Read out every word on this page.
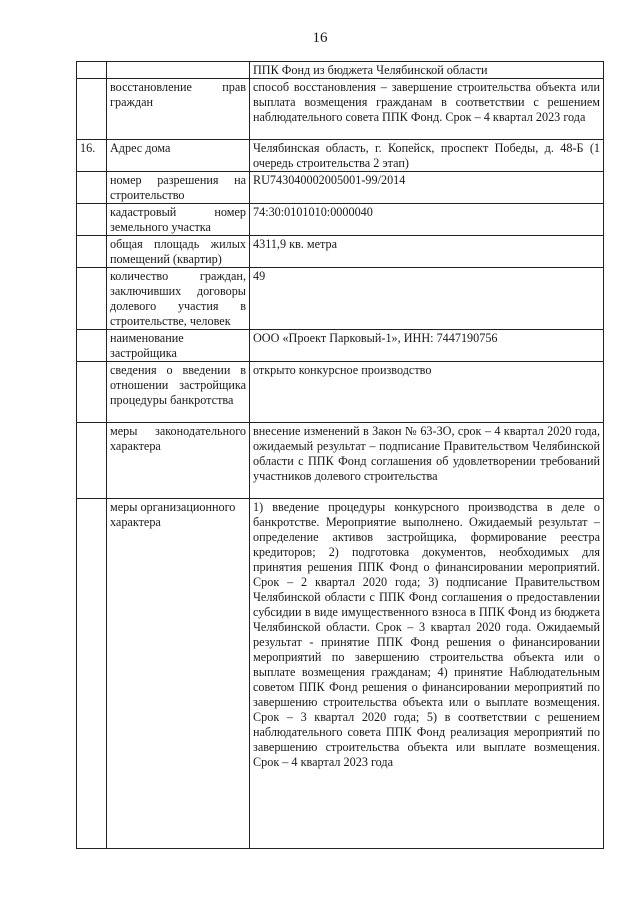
16
		ППК Фонд из бюджета Челябинской области
	восстановление прав граждан	способ восстановления – завершение строительства объекта или выплата возмещения гражданам в соответствии с решением наблюдательного совета ППК Фонд. Срок – 4 квартал 2023 года
16.	Адрес дома	Челябинская область, г. Копейск, проспект Победы, д. 48-Б (1 очередь строительства 2 этап)
	номер разрешения на строительство	RU743040002005001-99/2014
	кадастровый номер земельного участка	74:30:0101010:0000040
	общая площадь жилых помещений (квартир)	4311,9 кв. метра
	количество граждан, заключивших договоры долевого участия в строительстве, человек	49
	наименование застройщика	ООО «Проект Парковый-1», ИНН: 7447190756
	сведения о введении в отношении застройщика процедуры банкротства	открыто конкурсное производство
	меры законодательного характера	внесение изменений в Закон № 63-ЗО, срок – 4 квартал 2020 года, ожидаемый результат – подписание Правительством Челябинской области с ППК Фонд соглашения об удовлетворении требований участников долевого строительства
	меры организационного характера	1) введение процедуры конкурсного производства в деле о банкротстве. Мероприятие выполнено. Ожидаемый результат – определение активов застройщика, формирование реестра кредиторов; 2) подготовка документов, необходимых для принятия решения ППК Фонд о финансировании мероприятий. Срок – 2 квартал 2020 года; 3) подписание Правительством Челябинской области с ППК Фонд соглашения о предоставлении субсидии в виде имущественного взноса в ППК Фонд из бюджета Челябинской области. Срок – 3 квартал 2020 года. Ожидаемый результат - принятие ППК Фонд решения о финансировании мероприятий по завершению строительства объекта или о выплате возмещения гражданам; 4) принятие Наблюдательным советом ППК Фонд решения о финансировании мероприятий по завершению строительства объекта или о выплате возмещения. Срок – 3 квартал 2020 года; 5) в соответствии с решением наблюдательного совета ППК Фонд реализация мероприятий по завершению строительства объекта или выплате возмещения. Срок – 4 квартал 2023 года
